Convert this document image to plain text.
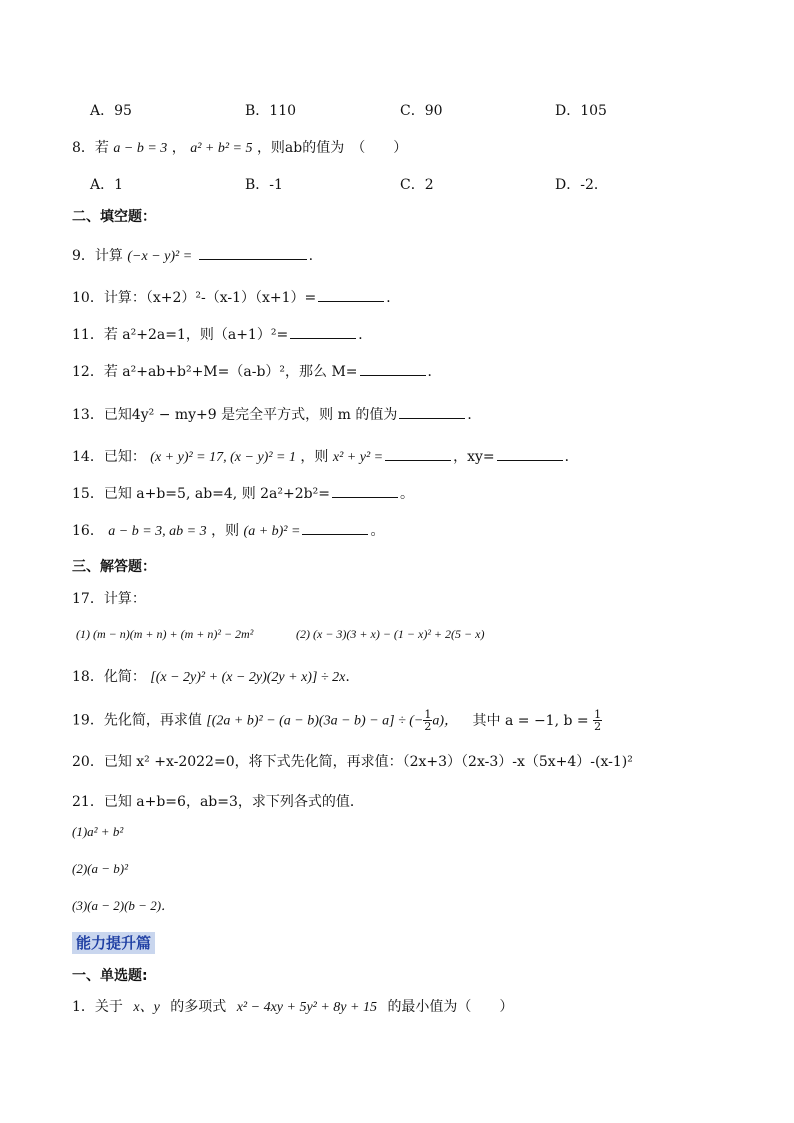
A．95	B．110	C．90	D．105
8．若 a − b = 3 ， a² + b² = 5 ，则ab的值为　（　　）
A．1	B．-1	C．2	D．-2．
二、填空题：
9．计算 (−x − y)² =	.
10．计算：（x+2）²-（x-1）（x+1）=	．
11．若 a²+2a=1，则（a+1）²=	．
12．若 a²+ab+b²+M=（a-b）²，那么 M=	．
13．已知4y² − my+9 是完全平方式，则 m 的值为	．
14．已知： (x + y)² = 17, (x − y)² = 1 ，则 x² + y² =	，xy=	．
15．已知 a+b=5, ab=4, 则 2a²+2b²=	。
16． a − b = 3, ab = 3 ，则 (a + b)² =	。
三、解答题：
17．计算：
(1) (m − n)(m + n) + (m + n)² − 2m²	(2) (x − 3)(3 + x) − (1 − x)² + 2(5 − x)
18．化简： [(x − 2y)² + (x − 2y)(2y + x)] ÷ 2x.
19．先化简，再求值 [(2a + b)² − (a − b)(3a − b) − a] ÷ (− $\frac{1}{2} a$)， 其中 a = −1, $b = \frac{1}{2}$
20．已知 x² +x-2022=0，将下式先化简，再求值：（2x+3）（2x-3）-x（5x+4）-(x-1)²
21．已知 a+b=6，ab=3，求下列各式的值．
(1)a² + b²
(2)(a − b)²
(3)(a − 2)(b − 2)．
能力提升篇
一、单选题:
1．关于 x、y 的多项式 x² − 4xy + 5y² + 8y + 15 的最小值为（　　）
